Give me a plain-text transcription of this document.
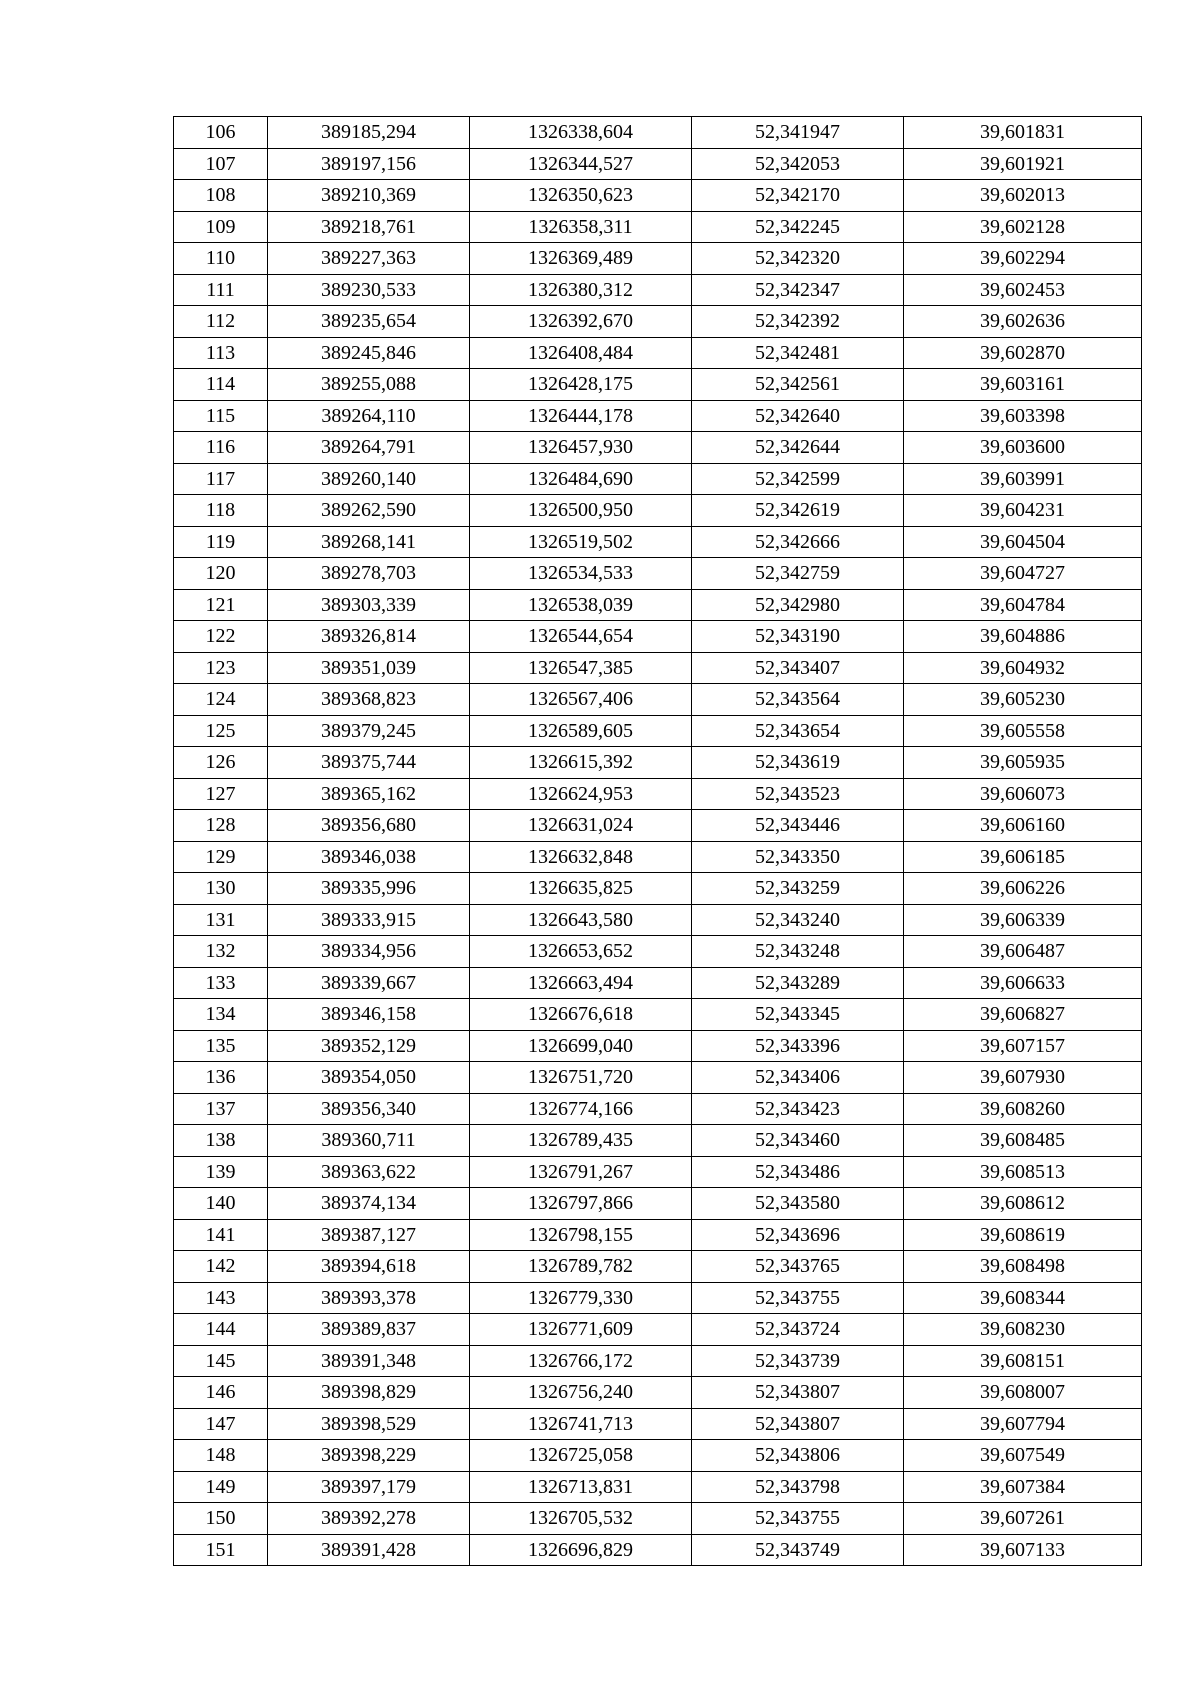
106	389185,294	1326338,604	52,341947	39,601831
107	389197,156	1326344,527	52,342053	39,601921
108	389210,369	1326350,623	52,342170	39,602013
109	389218,761	1326358,311	52,342245	39,602128
110	389227,363	1326369,489	52,342320	39,602294
111	389230,533	1326380,312	52,342347	39,602453
112	389235,654	1326392,670	52,342392	39,602636
113	389245,846	1326408,484	52,342481	39,602870
114	389255,088	1326428,175	52,342561	39,603161
115	389264,110	1326444,178	52,342640	39,603398
116	389264,791	1326457,930	52,342644	39,603600
117	389260,140	1326484,690	52,342599	39,603991
118	389262,590	1326500,950	52,342619	39,604231
119	389268,141	1326519,502	52,342666	39,604504
120	389278,703	1326534,533	52,342759	39,604727
121	389303,339	1326538,039	52,342980	39,604784
122	389326,814	1326544,654	52,343190	39,604886
123	389351,039	1326547,385	52,343407	39,604932
124	389368,823	1326567,406	52,343564	39,605230
125	389379,245	1326589,605	52,343654	39,605558
126	389375,744	1326615,392	52,343619	39,605935
127	389365,162	1326624,953	52,343523	39,606073
128	389356,680	1326631,024	52,343446	39,606160
129	389346,038	1326632,848	52,343350	39,606185
130	389335,996	1326635,825	52,343259	39,606226
131	389333,915	1326643,580	52,343240	39,606339
132	389334,956	1326653,652	52,343248	39,606487
133	389339,667	1326663,494	52,343289	39,606633
134	389346,158	1326676,618	52,343345	39,606827
135	389352,129	1326699,040	52,343396	39,607157
136	389354,050	1326751,720	52,343406	39,607930
137	389356,340	1326774,166	52,343423	39,608260
138	389360,711	1326789,435	52,343460	39,608485
139	389363,622	1326791,267	52,343486	39,608513
140	389374,134	1326797,866	52,343580	39,608612
141	389387,127	1326798,155	52,343696	39,608619
142	389394,618	1326789,782	52,343765	39,608498
143	389393,378	1326779,330	52,343755	39,608344
144	389389,837	1326771,609	52,343724	39,608230
145	389391,348	1326766,172	52,343739	39,608151
146	389398,829	1326756,240	52,343807	39,608007
147	389398,529	1326741,713	52,343807	39,607794
148	389398,229	1326725,058	52,343806	39,607549
149	389397,179	1326713,831	52,343798	39,607384
150	389392,278	1326705,532	52,343755	39,607261
151	389391,428	1326696,829	52,343749	39,607133
